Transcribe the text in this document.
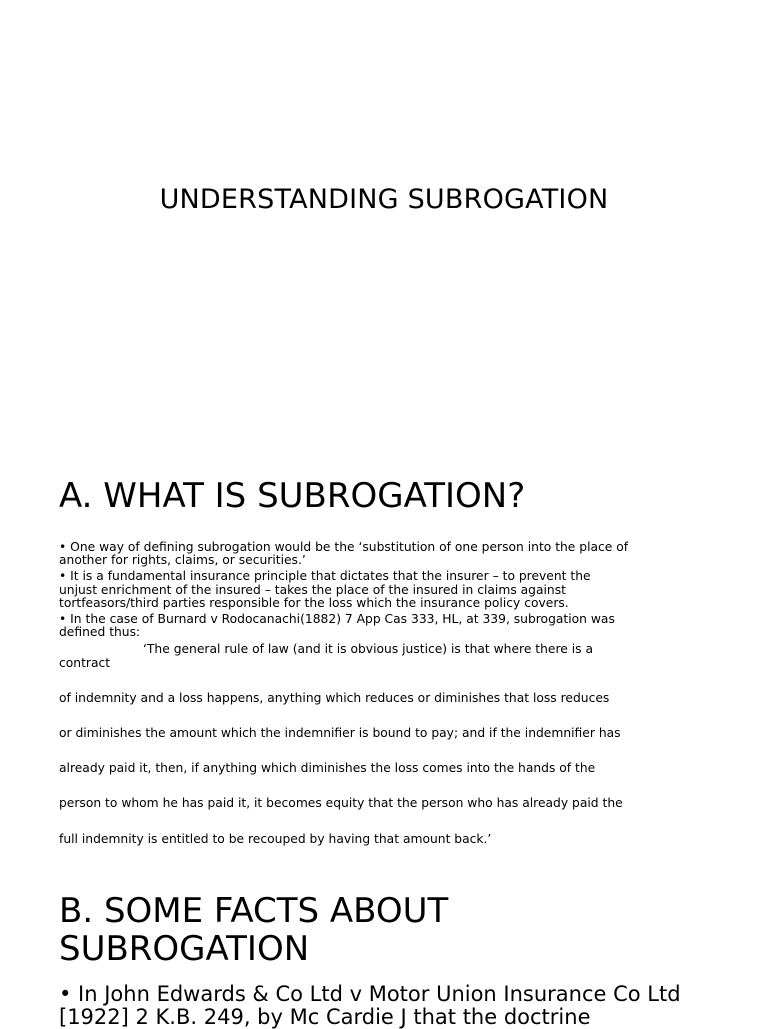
UNDERSTANDING SUBROGATION
A. WHAT IS SUBROGATION?

• One way of defining subrogation would be the ‘substitution of one person into the place of another for rights, claims, or securities.’

• It is a fundamental insurance principle that dictates that the insurer – to prevent the unjust enrichment of the insured – takes the place of the insured in claims against tortfeasors/third parties responsible for the loss which the insurance policy covers.

• In the case of Burnard v Rodocanachi(1882) 7 App Cas 333, HL, at 339, subrogation was defined thus:

‘The general rule of law (and it is obvious justice) is that where there is a contract

of indemnity and a loss happens, anything which reduces or diminishes that loss reduces

or diminishes the amount which the indemnifier is bound to pay; and if the indemnifier has

already paid it, then, if anything which diminishes the loss comes into the hands of the

person to whom he has paid it, it becomes equity that the person who has already paid the

full indemnity is entitled to be recouped by having that amount back.’

B. SOME FACTS ABOUT
SUBROGATION

• In John Edwards & Co Ltd v Motor Union Insurance Co Ltd [1922] 2 K.B. 249, by Mc Cardie J that the doctrine
